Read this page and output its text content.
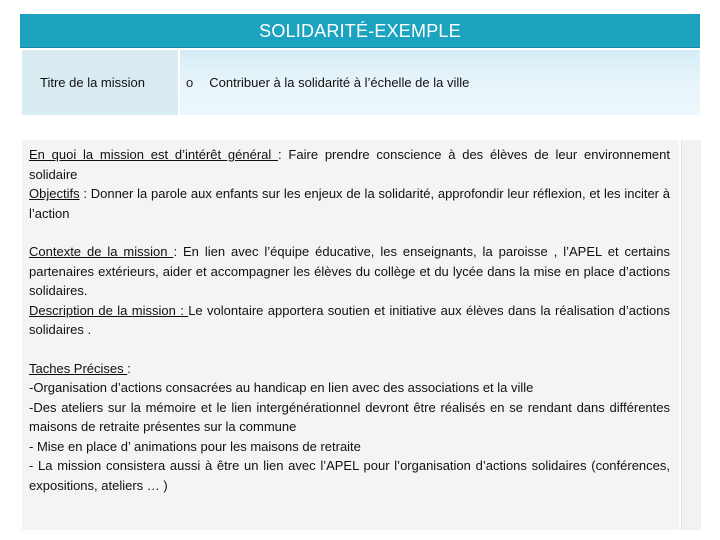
SOLIDARITÉ-EXEMPLE
Titre de la mission	o Contribuer à la solidarité à l’échelle de la ville

En quoi la mission est d’intérêt général : Faire prendre conscience à des élèves de leur environnement solidaire

Objectifs : Donner la parole aux enfants sur les enjeux de la solidarité, approfondir leur réflexion, et les inciter à l’action

Contexte de la mission : En lien avec l’équipe éducative, les enseignants, la paroisse , l’APEL et certains partenaires extérieurs, aider et accompagner les élèves du collège et du lycée dans la mise en place d’actions solidaires.

Description de la mission : Le volontaire apportera soutien et initiative aux élèves dans la réalisation d’actions solidaires .

Taches Précises :

-Organisation d’actions consacrées au handicap en lien avec des associations et la ville

-Des ateliers sur la mémoire et le lien intergénérationnel devront être réalisés en se rendant dans différentes maisons de retraite présentes sur la commune

- Mise en place d’ animations pour les maisons de retraite

- La mission consistera aussi à être un lien avec l’APEL pour l’organisation d’actions solidaires (conférences, expositions, ateliers … )
